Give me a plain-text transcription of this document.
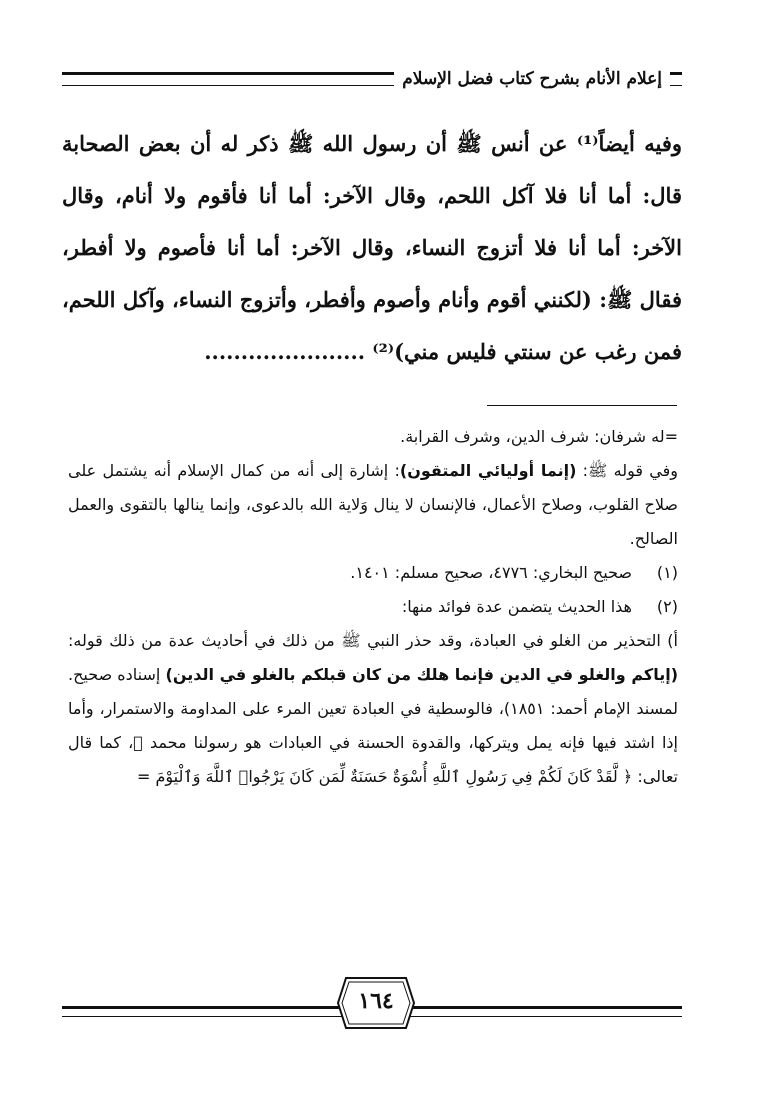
إعلام الأنام بشرح كتاب فضل الإسلام
وفيه أيضاً⁽¹⁾ عن أنس ﷺ أن رسول الله ﷺ ذكر له أن بعض الصحابة قال: أما أنا فلا آكل اللحم، وقال الآخر: أما أنا فأقوم ولا أنام، وقال الآخر: أما أنا فلا أتزوج النساء، وقال الآخر: أما أنا فأصوم ولا أفطر، فقال ﷺ: (لكنني أقوم وأنام وأصوم وأفطر، وأتزوج النساء، وآكل اللحم، فمن رغب عن سنتي فليس مني)⁽²⁾ ......................

=له شرفان: شرف الدين، وشرف القرابة.

وفي قوله ﷺ: (إنما أوليائي المتقون): إشارة إلى أنه من كمال الإسلام أنه يشتمل على صلاح القلوب، وصلاح الأعمال، فالإنسان لا ينال وَلاية الله بالدعوى، وإنما ينالها بالتقوى والعمل الصالح.

(١)
صحيح البخاري: ٤٧٧٦، صحيح مسلم: ١٤٠١.
(٢)
هذا الحديث يتضمن عدة فوائد منها:

أ) التحذير من الغلو في العبادة، وقد حذر النبي ﷺ من ذلك في أحاديث عدة من ذلك قوله: (إياكم والغلو في الدين فإنما هلك من كان قبلكم بالغلو في الدين) إسناده صحيح. لمسند الإمام أحمد: ١٨٥١)، فالوسطية في العبادة تعين المرء على المداومة والاستمرار، وأما إذا اشتد فيها فإنه يمل ويتركها، والقدوة الحسنة في العبادات هو رسولنا محمد ﷺ، كما قال تعالى: ﴿ لَّقَدْ كَانَ لَكُمْ فِي رَسُولِ ٱللَّهِ أُسْوَةٌ حَسَنَةٌ لِّمَن كَانَ يَرْجُوا۟ ٱللَّهَ وَٱلْيَوْمَ =

١٦٤
